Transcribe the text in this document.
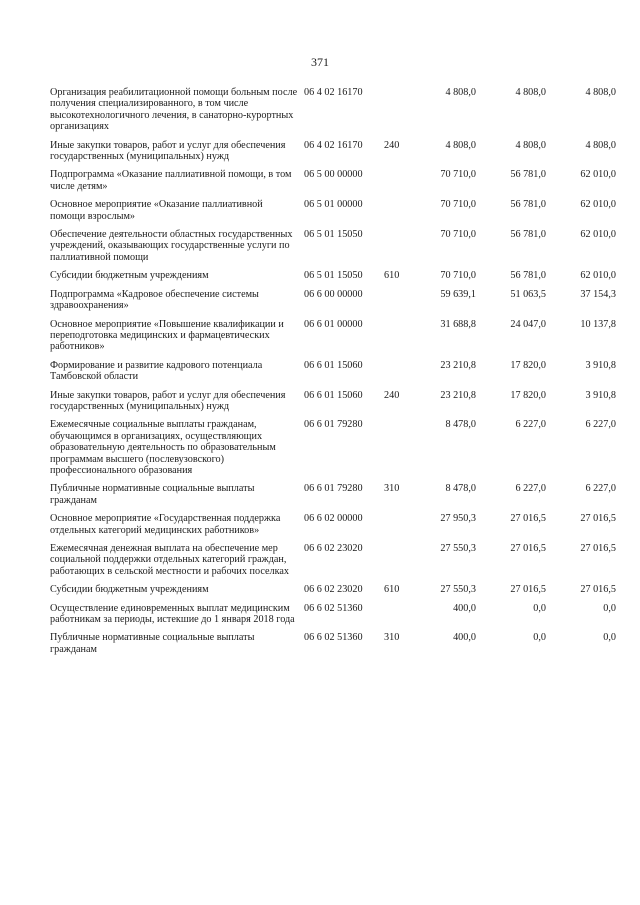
371
Организация реабилитационной помощи больным после получения специализированного, в том числе высокотехнологичного лечения, в санаторно-курортных организациях	06 4 02 16170		4 808,0	4 808,0	4 808,0
Иные закупки товаров, работ и услуг для обеспечения государственных (муниципальных) нужд	06 4 02 16170	240	4 808,0	4 808,0	4 808,0
Подпрограмма «Оказание паллиативной помощи, в том числе детям»	06 5 00 00000		70 710,0	56 781,0	62 010,0
Основное мероприятие «Оказание паллиативной помощи взрослым»	06 5 01 00000		70 710,0	56 781,0	62 010,0
Обеспечение деятельности областных государственных учреждений, оказывающих государственные услуги по паллиативной помощи	06 5 01 15050		70 710,0	56 781,0	62 010,0
Субсидии бюджетным учреждениям	06 5 01 15050	610	70 710,0	56 781,0	62 010,0
Подпрограмма «Кадровое обеспечение системы здравоохранения»	06 6 00 00000		59 639,1	51 063,5	37 154,3
Основное мероприятие «Повышение квалификации и переподготовка медицинских и фармацевтических работников»	06 6 01 00000		31 688,8	24 047,0	10 137,8
Формирование и развитие кадрового потенциала Тамбовской области	06 6 01 15060		23 210,8	17 820,0	3 910,8
Иные закупки товаров, работ и услуг для обеспечения государственных (муниципальных) нужд	06 6 01 15060	240	23 210,8	17 820,0	3 910,8
Ежемесячные социальные выплаты гражданам, обучающимся в организациях, осуществляющих образовательную деятельность по образовательным программам высшего (послевузовского) профессионального образования	06 6 01 79280		8 478,0	6 227,0	6 227,0
Публичные нормативные социальные выплаты гражданам	06 6 01 79280	310	8 478,0	6 227,0	6 227,0
Основное мероприятие «Государственная поддержка отдельных категорий медицинских работников»	06 6 02 00000		27 950,3	27 016,5	27 016,5
Ежемесячная денежная выплата на обеспечение мер социальной поддержки отдельных категорий граждан, работающих в сельской местности и рабочих поселках	06 6 02 23020		27 550,3	27 016,5	27 016,5
Субсидии бюджетным учреждениям	06 6 02 23020	610	27 550,3	27 016,5	27 016,5
Осуществление единовременных выплат медицинским работникам за периоды, истекшие до 1 января 2018 года	06 6 02 51360		400,0	0,0	0,0
Публичные нормативные социальные выплаты гражданам	06 6 02 51360	310	400,0	0,0	0,0
